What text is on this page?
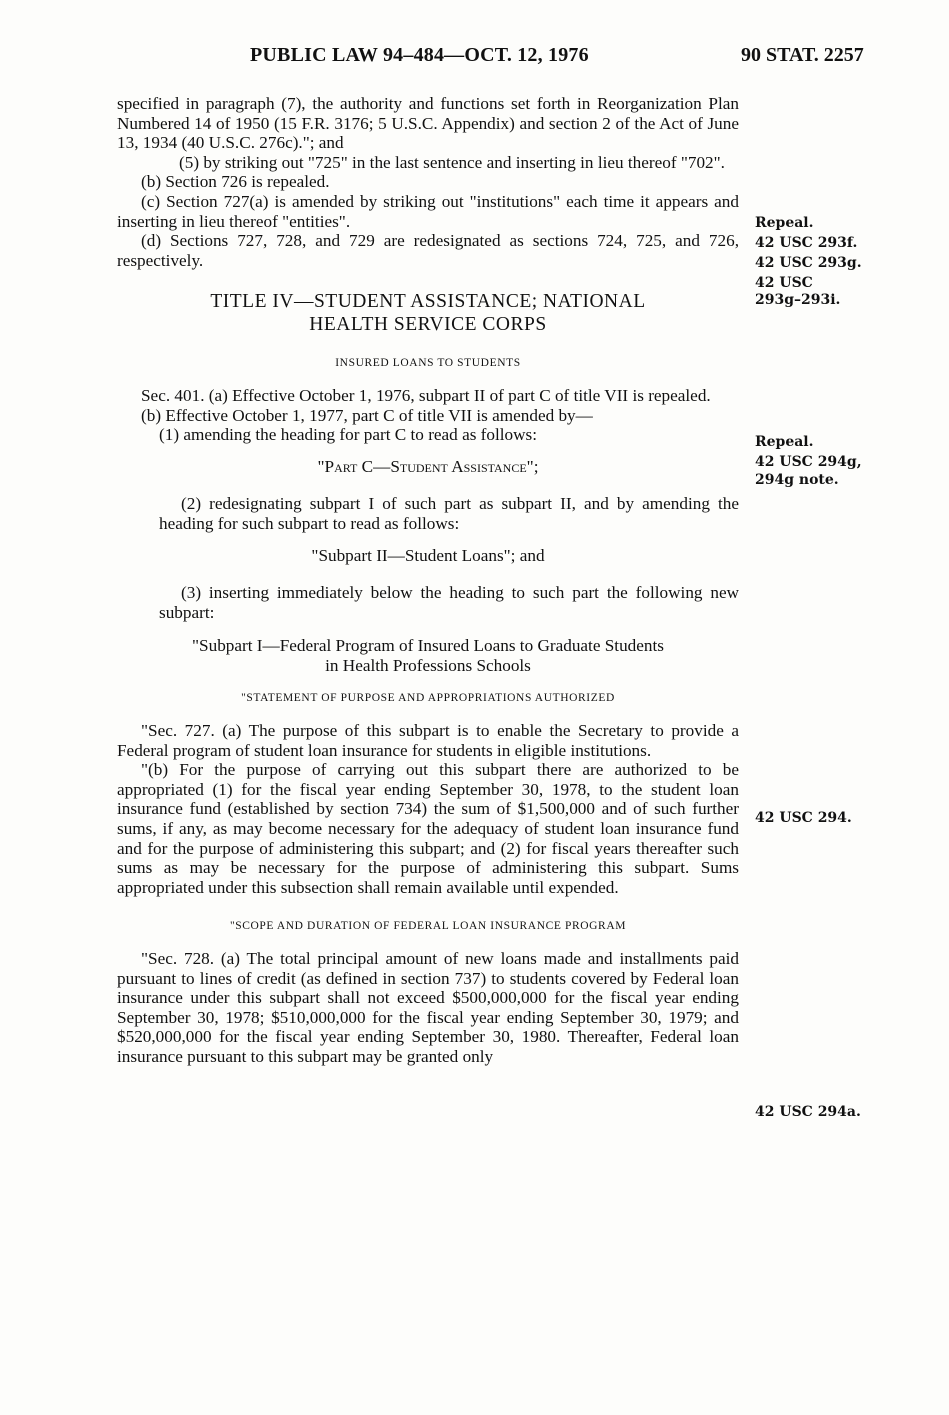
PUBLIC LAW 94–484—OCT. 12, 1976	90 STAT. 2257

specified in paragraph (7), the authority and functions set forth in Reorganization Plan Numbered 14 of 1950 (15 F.R. 3176; 5 U.S.C. Appendix) and section 2 of the Act of June 13, 1934 (40 U.S.C. 276c)."; and

(5) by striking out "725" in the last sentence and inserting in lieu thereof "702".

(b) Section 726 is repealed.

(c) Section 727(a) is amended by striking out "institutions" each time it appears and inserting in lieu thereof "entities".

(d) Sections 727, 728, and 729 are redesignated as sections 724, 725, and 726, respectively.

TITLE IV—STUDENT ASSISTANCE; NATIONAL
HEALTH SERVICE CORPS
INSURED LOANS TO STUDENTS

Sec. 401. (a) Effective October 1, 1976, subpart II of part C of title VII is repealed.

(b) Effective October 1, 1977, part C of title VII is amended by—

(1) amending the heading for part C to read as follows:

"Part C—Student Assistance";

(2) redesignating subpart I of such part as subpart II, and by amending the heading for such subpart to read as follows:

"Subpart II—Student Loans"; and

(3) inserting immediately below the heading to such part the following new subpart:

"Subpart I—Federal Program of Insured Loans to Graduate Students
in Health Professions Schools
"STATEMENT OF PURPOSE AND APPROPRIATIONS AUTHORIZED

"Sec. 727. (a) The purpose of this subpart is to enable the Secretary to provide a Federal program of student loan insurance for students in eligible institutions.

"(b) For the purpose of carrying out this subpart there are authorized to be appropriated (1) for the fiscal year ending September 30, 1978, to the student loan insurance fund (established by section 734) the sum of $1,500,000 and of such further sums, if any, as may become necessary for the adequacy of student loan insurance fund and for the purpose of administering this subpart; and (2) for fiscal years thereafter such sums as may be necessary for the purpose of administering this subpart. Sums appropriated under this subsection shall remain available until expended.

"SCOPE AND DURATION OF FEDERAL LOAN INSURANCE PROGRAM

"Sec. 728. (a) The total principal amount of new loans made and installments paid pursuant to lines of credit (as defined in section 737) to students covered by Federal loan insurance under this subpart shall not exceed $500,000,000 for the fiscal year ending September 30, 1978; $510,000,000 for the fiscal year ending September 30, 1979; and $520,000,000 for the fiscal year ending September 30, 1980. Thereafter, Federal loan insurance pursuant to this subpart may be granted only

Repeal.
42 USC 293f.
42 USC 293g.
42 USC
293g–293i.
Repeal.
42 USC 294g,
294g note.
42 USC 294.
42 USC 294a.
